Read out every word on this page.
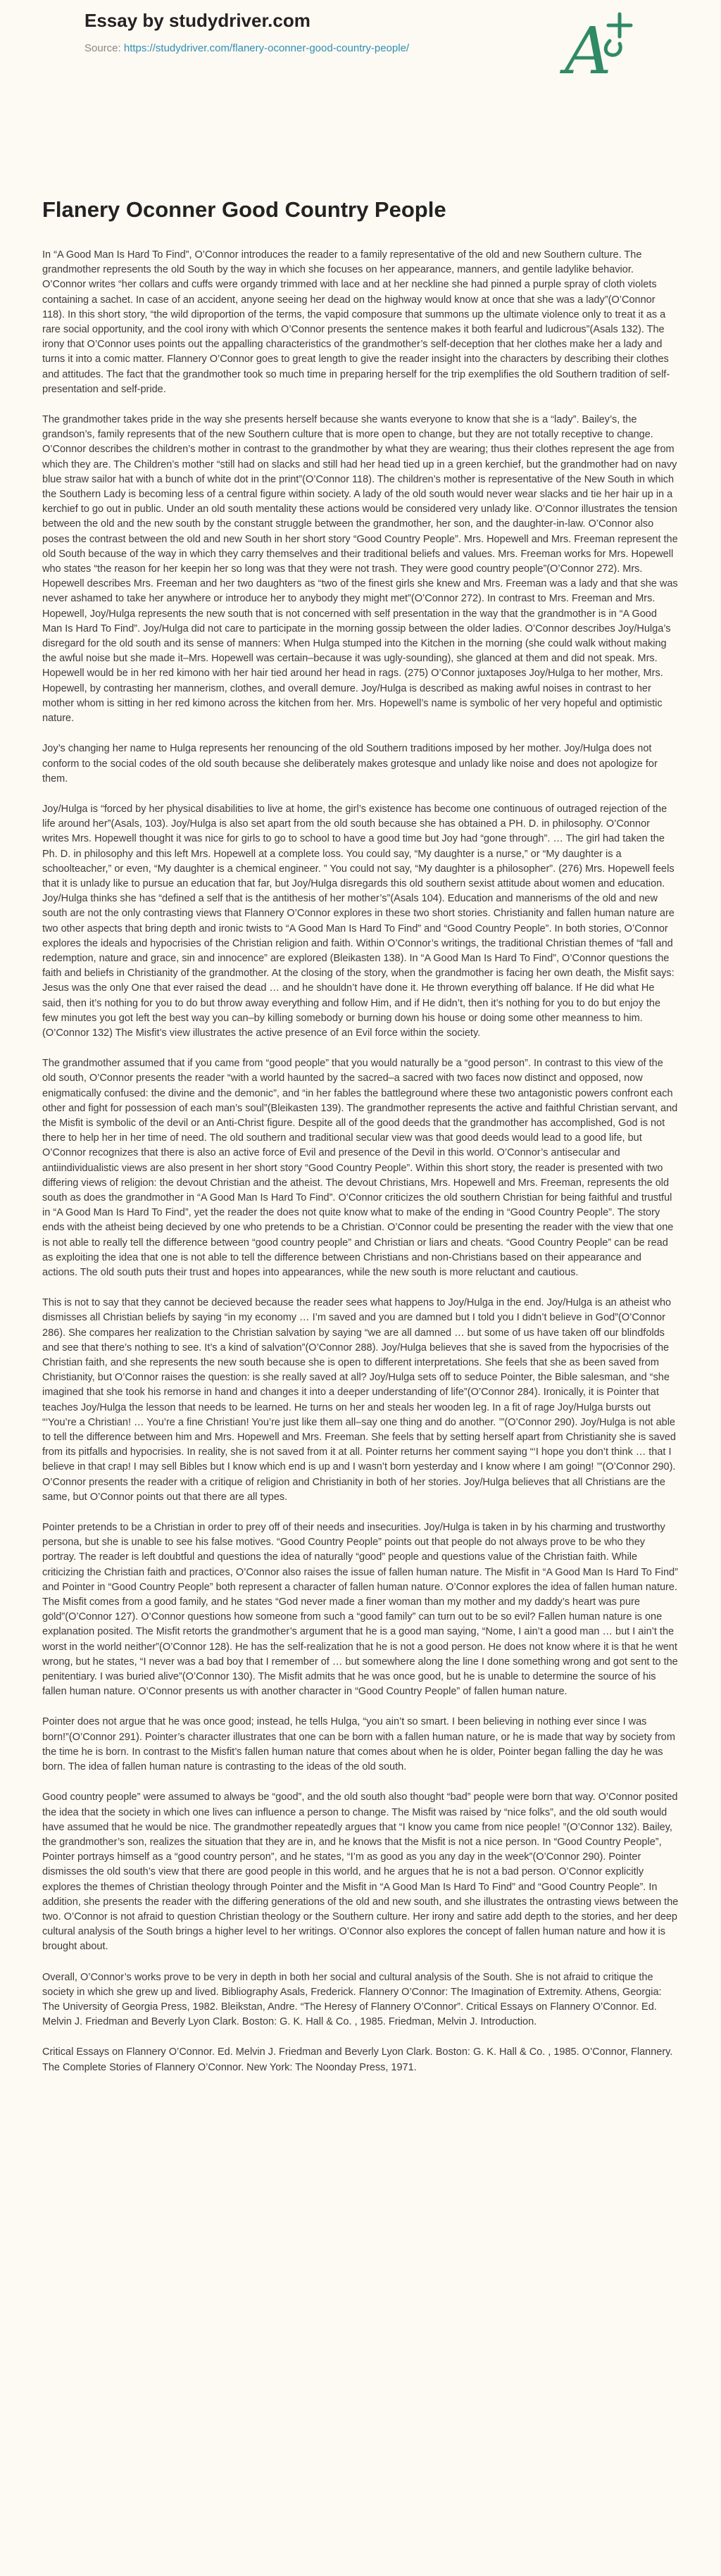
Essay by studydriver.com
Source: https://studydriver.com/flanery-oconner-good-country-people/ A
Flanery Oconner Good Country People

In “A Good Man Is Hard To Find”, O’Connor introduces the reader to a family representative of the old and new Southern culture. The grandmother represents the old South by the way in which she focuses on her appearance, manners, and gentile ladylike behavior. O’Connor writes “her collars and cuffs were organdy trimmed with lace and at her neckline she had pinned a purple spray of cloth violets containing a sachet. In case of an accident, anyone seeing her dead on the highway would know at once that she was a lady”(O’Connor 118). In this short story, “the wild diproportion of the terms, the vapid composure that summons up the ultimate violence only to treat it as a rare social opportunity, and the cool irony with which O’Connor presents the sentence makes it both fearful and ludicrous”(Asals 132). The irony that O’Connor uses points out the appalling characteristics of the grandmother’s self-deception that her clothes make her a lady and turns it into a comic matter. Flannery O’Connor goes to great length to give the reader insight into the characters by describing their clothes and attitudes. The fact that the grandmother took so much time in preparing herself for the trip exemplifies the old Southern tradition of self-presentation and self-pride.

The grandmother takes pride in the way she presents herself because she wants everyone to know that she is a “lady”. Bailey’s, the grandson’s, family represents that of the new Southern culture that is more open to change, but they are not totally receptive to change. O’Connor describes the children’s mother in contrast to the grandmother by what they are wearing; thus their clothes represent the age from which they are. The Children’s mother “still had on slacks and still had her head tied up in a green kerchief, but the grandmother had on navy blue straw sailor hat with a bunch of white dot in the print”(O’Connor 118). The children’s mother is representative of the New South in which the Southern Lady is becoming less of a central figure within society. A lady of the old south would never wear slacks and tie her hair up in a kerchief to go out in public. Under an old south mentality these actions would be considered very unlady like. O’Connor illustrates the tension between the old and the new south by the constant struggle between the grandmother, her son, and the daughter-in-law. O’Connor also poses the contrast between the old and new South in her short story “Good Country People”. Mrs. Hopewell and Mrs. Freeman represent the old South because of the way in which they carry themselves and their traditional beliefs and values. Mrs. Freeman works for Mrs. Hopewell who states “the reason for her keepin her so long was that they were not trash. They were good country people”(O’Connor 272). Mrs. Hopewell describes Mrs. Freeman and her two daughters as “two of the finest girls she knew and Mrs. Freeman was a lady and that she was never ashamed to take her anywhere or introduce her to anybody they might met”(O’Connor 272). In contrast to Mrs. Freeman and Mrs. Hopewell, Joy/Hulga represents the new south that is not concerned with self presentation in the way that the grandmother is in “A Good Man Is Hard To Find”. Joy/Hulga did not care to participate in the morning gossip between the older ladies. O’Connor describes Joy/Hulga’s disregard for the old south and its sense of manners: When Hulga stumped into the Kitchen in the morning (she could walk without making the awful noise but she made it–Mrs. Hopewell was certain–because it was ugly-sounding), she glanced at them and did not speak. Mrs. Hopewell would be in her red kimono with her hair tied around her head in rags. (275) O’Connor juxtaposes Joy/Hulga to her mother, Mrs. Hopewell, by contrasting her mannerism, clothes, and overall demure. Joy/Hulga is described as making awful noises in contrast to her mother whom is sitting in her red kimono across the kitchen from her. Mrs. Hopewell’s name is symbolic of her very hopeful and optimistic nature.

Joy’s changing her name to Hulga represents her renouncing of the old Southern traditions imposed by her mother. Joy/Hulga does not conform to the social codes of the old south because she deliberately makes grotesque and unlady like noise and does not apologize for them.

Joy/Hulga is “forced by her physical disabilities to live at home, the girl’s existence has become one continuous of outraged rejection of the life around her”(Asals, 103). Joy/Hulga is also set apart from the old south because she has obtained a PH. D. in philosophy. O’Connor writes Mrs. Hopewell thought it was nice for girls to go to school to have a good time but Joy had “gone through”. … The girl had taken the Ph. D. in philosophy and this left Mrs. Hopewell at a complete loss. You could say, “My daughter is a nurse,” or “My daughter is a schoolteacher,” or even, “My daughter is a chemical engineer. ” You could not say, “My daughter is a philosopher”. (276) Mrs. Hopewell feels that it is unlady like to pursue an education that far, but Joy/Hulga disregards this old southern sexist attitude about women and education. Joy/Hulga thinks she has “defined a self that is the antithesis of her mother’s”(Asals 104). Education and mannerisms of the old and new south are not the only contrasting views that Flannery O’Connor explores in these two short stories. Christianity and fallen human nature are two other aspects that bring depth and ironic twists to “A Good Man Is Hard To Find” and “Good Country People”. In both stories, O’Connor explores the ideals and hypocrisies of the Christian religion and faith. Within O’Connor’s writings, the traditional Christian themes of “fall and redemption, nature and grace, sin and innocence” are explored (Bleikasten 138). In “A Good Man Is Hard To Find”, O’Connor questions the faith and beliefs in Christianity of the grandmother. At the closing of the story, when the grandmother is facing her own death, the Misfit says: Jesus was the only One that ever raised the dead … and he shouldn’t have done it. He thrown everything off balance. If He did what He said, then it’s nothing for you to do but throw away everything and follow Him, and if He didn’t, then it’s nothing for you to do but enjoy the few minutes you got left the best way you can–by killing somebody or burning down his house or doing some other meanness to him. (O’Connor 132) The Misfit’s view illustrates the active presence of an Evil force within the society.

The grandmother assumed that if you came from “good people” that you would naturally be a “good person”. In contrast to this view of the old south, O’Connor presents the reader “with a world haunted by the sacred–a sacred with two faces now distinct and opposed, now enigmatically confused: the divine and the demonic”, and “in her fables the battleground where these two antagonistic powers confront each other and fight for possession of each man’s soul”(Bleikasten 139). The grandmother represents the active and faithful Christian servant, and the Misfit is symbolic of the devil or an Anti-Christ figure. Despite all of the good deeds that the grandmother has accomplished, God is not there to help her in her time of need. The old southern and traditional secular view was that good deeds would lead to a good life, but O’Connor recognizes that there is also an active force of Evil and presence of the Devil in this world. O’Connor’s antisecular and antiindividualistic views are also present in her short story “Good Country People”. Within this short story, the reader is presented with two differing views of religion: the devout Christian and the atheist. The devout Christians, Mrs. Hopewell and Mrs. Freeman, represents the old south as does the grandmother in “A Good Man Is Hard To Find”. O’Connor criticizes the old southern Christian for being faithful and trustful in “A Good Man Is Hard To Find”, yet the reader the does not quite know what to make of the ending in “Good Country People”. The story ends with the atheist being decieved by one who pretends to be a Christian. O’Connor could be presenting the reader with the view that one is not able to really tell the difference between “good country people” and Christian or liars and cheats. “Good Country People” can be read as exploiting the idea that one is not able to tell the difference between Christians and non-Christians based on their appearance and actions. The old south puts their trust and hopes into appearances, while the new south is more reluctant and cautious.

This is not to say that they cannot be decieved because the reader sees what happens to Joy/Hulga in the end. Joy/Hulga is an atheist who dismisses all Christian beliefs by saying “in my economy … I’m saved and you are damned but I told you I didn’t believe in God”(O’Connor 286). She compares her realization to the Christian salvation by saying “we are all damned … but some of us have taken off our blindfolds and see that there’s nothing to see. It’s a kind of salvation”(O’Connor 288). Joy/Hulga believes that she is saved from the hypocrisies of the Christian faith, and she represents the new south because she is open to different interpretations. She feels that she as been saved from Christianity, but O’Connor raises the question: is she really saved at all? Joy/Hulga sets off to seduce Pointer, the Bible salesman, and “she imagined that she took his remorse in hand and changes it into a deeper understanding of life”(O’Connor 284). Ironically, it is Pointer that teaches Joy/Hulga the lesson that needs to be learned. He turns on her and steals her wooden leg. In a fit of rage Joy/Hulga bursts out “‘You’re a Christian! … You’re a fine Christian! You’re just like them all–say one thing and do another. ’”(O’Connor 290). Joy/Hulga is not able to tell the difference between him and Mrs. Hopewell and Mrs. Freeman. She feels that by setting herself apart from Christianity she is saved from its pitfalls and hypocrisies. In reality, she is not saved from it at all. Pointer returns her comment saying “‘I hope you don’t think … that I believe in that crap! I may sell Bibles but I know which end is up and I wasn’t born yesterday and I know where I am going! ’”(O’Connor 290). O’Connor presents the reader with a critique of religion and Christianity in both of her stories. Joy/Hulga believes that all Christians are the same, but O’Connor points out that there are all types.

Pointer pretends to be a Christian in order to prey off of their needs and insecurities. Joy/Hulga is taken in by his charming and trustworthy persona, but she is unable to see his false motives. “Good Country People” points out that people do not always prove to be who they portray. The reader is left doubtful and questions the idea of naturally “good” people and questions value of the Christian faith. While criticizing the Christian faith and practices, O’Connor also raises the issue of fallen human nature. The Misfit in “A Good Man Is Hard To Find” and Pointer in “Good Country People” both represent a character of fallen human nature. O’Connor explores the idea of fallen human nature. The Misfit comes from a good family, and he states “God never made a finer woman than my mother and my daddy’s heart was pure gold”(O’Connor 127). O’Connor questions how someone from such a “good family” can turn out to be so evil? Fallen human nature is one explanation posited. The Misfit retorts the grandmother’s argument that he is a good man saying, “Nome, I ain’t a good man … but I ain’t the worst in the world neither”(O’Connor 128). He has the self-realization that he is not a good person. He does not know where it is that he went wrong, but he states, “I never was a bad boy that I remember of … but somewhere along the line I done something wrong and got sent to the penitentiary. I was buried alive”(O’Connor 130). The Misfit admits that he was once good, but he is unable to determine the source of his fallen human nature. O’Connor presents us with another character in “Good Country People” of fallen human nature.

Pointer does not argue that he was once good; instead, he tells Hulga, “you ain’t so smart. I been believing in nothing ever since I was born!”(O’Connor 291). Pointer’s character illustrates that one can be born with a fallen human nature, or he is made that way by society from the time he is born. In contrast to the Misfit’s fallen human nature that comes about when he is older, Pointer began falling the day he was born. The idea of fallen human nature is contrasting to the ideas of the old south.

Good country people” were assumed to always be “good”, and the old south also thought “bad” people were born that way. O’Connor posited the idea that the society in which one lives can influence a person to change. The Misfit was raised by “nice folks”, and the old south would have assumed that he would be nice. The grandmother repeatedly argues that “I know you came from nice people! ”(O’Connor 132). Bailey, the grandmother’s son, realizes the situation that they are in, and he knows that the Misfit is not a nice person. In “Good Country People”, Pointer portrays himself as a “good country person”, and he states, “I’m as good as you any day in the week”(O’Connor 290). Pointer dismisses the old south’s view that there are good people in this world, and he argues that he is not a bad person. O’Connor explicitly explores the themes of Christian theology through Pointer and the Misfit in “A Good Man Is Hard To Find” and “Good Country People”. In addition, she presents the reader with the differing generations of the old and new south, and she illustrates the ontrasting views between the two. O’Connor is not afraid to question Christian theology or the Southern culture. Her irony and satire add depth to the stories, and her deep cultural analysis of the South brings a higher level to her writings. O’Connor also explores the concept of fallen human nature and how it is brought about.

Overall, O’Connor’s works prove to be very in depth in both her social and cultural analysis of the South. She is not afraid to critique the society in which she grew up and lived. Bibliography Asals, Frederick. Flannery O’Connor: The Imagination of Extremity. Athens, Georgia: The University of Georgia Press, 1982. Bleikstan, Andre. “The Heresy of Flannery O’Connor”. Critical Essays on Flannery O’Connor. Ed. Melvin J. Friedman and Beverly Lyon Clark. Boston: G. K. Hall & Co. , 1985. Friedman, Melvin J. Introduction.

Critical Essays on Flannery O’Connor. Ed. Melvin J. Friedman and Beverly Lyon Clark. Boston: G. K. Hall & Co. , 1985. O’Connor, Flannery. The Complete Stories of Flannery O’Connor. New York: The Noonday Press, 1971.
